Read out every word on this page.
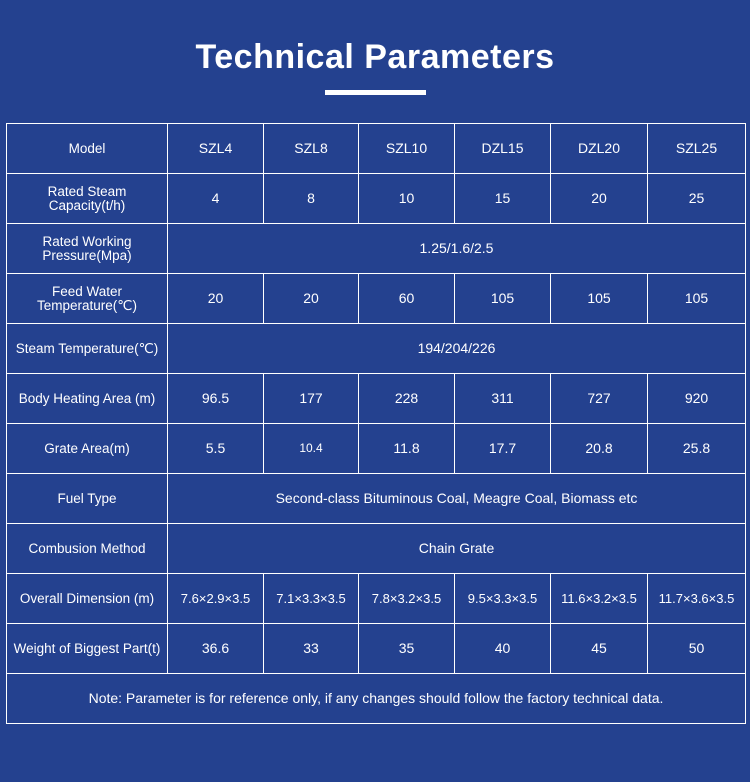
Technical Parameters
Model	SZL4	SZL8	SZL10	DZL15	DZL20	SZL25
Rated Steam Capacity(t/h)	4	8	10	15	20	25
Rated Working Pressure(Mpa)	1.25/1.6/2.5					
Feed Water Temperature(℃)	20	20	60	105	105	105
Steam Temperature(℃)	194/204/226					
Body Heating Area (m)	96.5	177	228	311	727	920
Grate Area(m)	5.5	10.4	11.8	17.7	20.8	25.8
Fuel Type	Second-class Bituminous Coal, Meagre Coal, Biomass etc					
Combusion Method	Chain Grate					
Overall Dimension (m)	7.6×2.9×3.5	7.1×3.3×3.5	7.8×3.2×3.5	9.5×3.3×3.5	11.6×3.2×3.5	11.7×3.6×3.5
Weight of Biggest Part(t)	36.6	33	35	40	45	50
Note: Parameter is for reference only, if any changes should follow the factory technical data.						
